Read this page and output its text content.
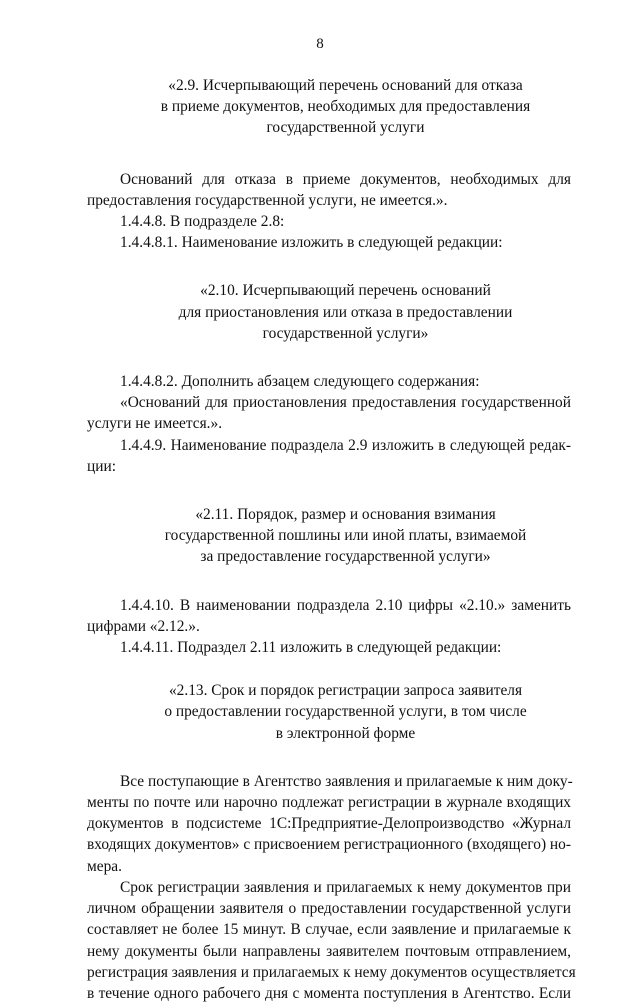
8
«2.9. Исчерпывающий перечень оснований для отказа
в приеме документов, необходимых для предоставления
государственной услуги
Оснований для отказа в приеме документов, необходимых для
предоставления государственной услуги, не имеется.».
1.4.4.8. В подразделе 2.8:
1.4.4.8.1. Наименование изложить в следующей редакции:
«2.10. Исчерпывающий перечень оснований
для приостановления или отказа в предоставлении
государственной услуги»
1.4.4.8.2. Дополнить абзацем следующего содержания:
«Оснований для приостановления предоставления государственной
услуги не имеется.».
1.4.4.9. Наименование подраздела 2.9 изложить в следующей редак-
ции:
«2.11. Порядок, размер и основания взимания
государственной пошлины или иной платы, взимаемой
за предоставление государственной услуги»
1.4.4.10. В наименовании подраздела 2.10 цифры «2.10.» заменить
цифрами «2.12.».
1.4.4.11. Подраздел 2.11 изложить в следующей редакции:
«2.13. Срок и порядок регистрации запроса заявителя
о предоставлении государственной услуги, в том числе
в электронной форме
Все поступающие в Агентство заявления и прилагаемые к ним доку-
менты по почте или нарочно подлежат регистрации в журнале входящих
документов в подсистеме 1С:Предприятие-Делопроизводство «Журнал
входящих документов» с присвоением регистрационного (входящего) но-
мера.
Срок регистрации заявления и прилагаемых к нему документов при
личном обращении заявителя о предоставлении государственной услуги
составляет не более 15 минут. В случае, если заявление и прилагаемые к
нему документы были направлены заявителем почтовым отправлением,
регистрация заявления и прилагаемых к нему документов осуществляется
в течение одного рабочего дня с момента поступления в Агентство. Если
